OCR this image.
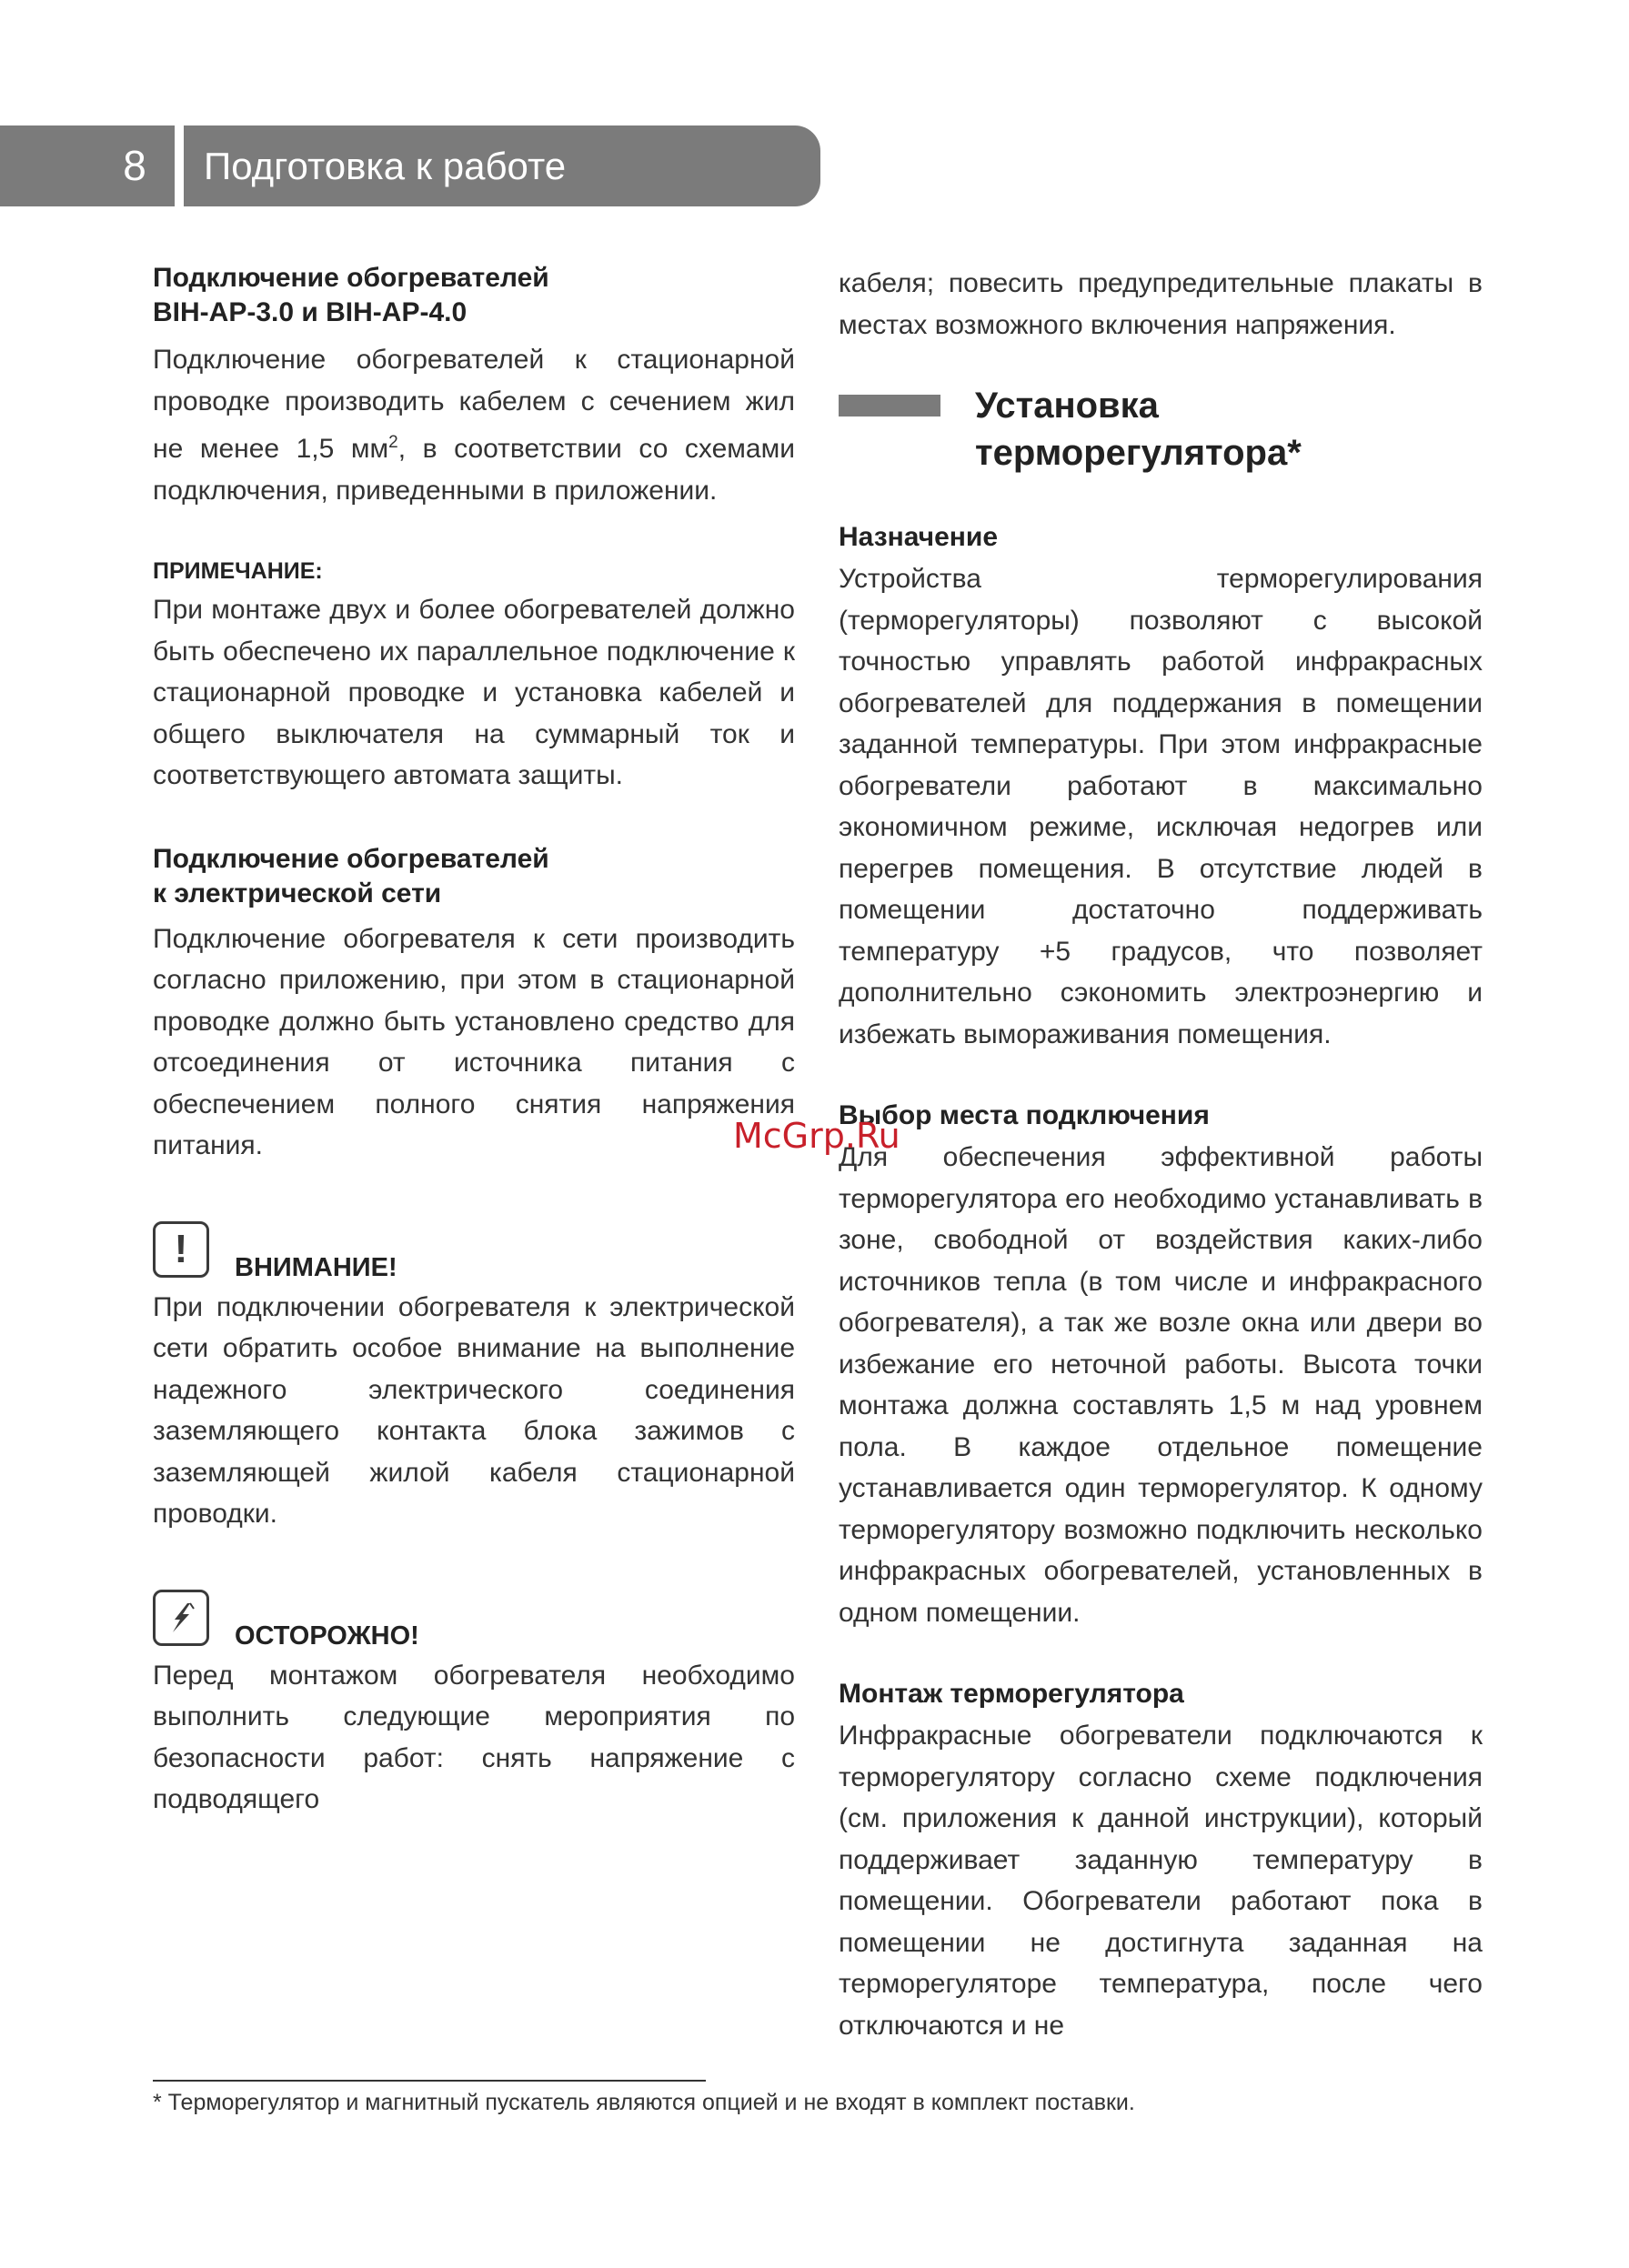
8	Подготовка к работе

Подключение обогревателей
BIH-AP-3.0 и BIH-AP-4.0

Подключение обогревателей к стационарной проводке производить кабелем с сечением жил не менее 1,5 $мм^2$, в соответствии со схемами подключения, приведенными в приложении.

ПРИМЕЧАНИЕ:

При монтаже двух и более обогревателей должно быть обеспечено их параллельное подключение к стационарной проводке и установка кабелей и общего выключателя на суммарный ток и соответствующего автомата защиты.

Подключение обогревателей
к электрической сети

Подключение обогревателя к сети производить согласно приложению, при этом в стационарной проводке должно быть установлено средство для отсоединения от источника питания с обеспечением полного снятия напряжения питания.

!	ВНИМАНИЕ!

При подключении обогревателя к электрической сети обратить особое внимание на выполнение надежного электрического соединения заземляющего контакта блока зажимов с заземляющей жилой кабеля стационарной проводки.

ОСТОРОЖНО!

Перед монтажом обогревателя необходимо выполнить следующие мероприятия по безопасности работ: снять напряжение с подводящего

кабеля; повесить предупредительные плакаты в местах возможного включения напряжения.

Установка
терморегулятора*

Назначение

Устройства терморегулирования (терморегуляторы) позволяют с высокой точностью управлять работой инфракрасных обогревателей для поддержания в помещении заданной температуры. При этом инфракрасные обогреватели работают в максимально экономичном режиме, исключая недогрев или перегрев помещения. В отсутствие людей в помещении достаточно поддерживать температуру +5 градусов, что позволяет дополнительно сэкономить электроэнергию и избежать вымораживания помещения.

Выбор места подключения

Для обеспечения эффективной работы терморегулятора его необходимо устанавливать в зоне, свободной от воздействия каких-либо источников тепла (в том числе и инфракрасного обогревателя), а так же возле окна или двери во избежание его неточной работы. Высота точки монтажа должна составлять 1,5 м над уровнем пола. В каждое отдельное помещение устанавливается один терморегулятор. К одному терморегулятору возможно подключить несколько инфракрасных обогревателей, установленных в одном помещении.

Монтаж терморегулятора

Инфракрасные обогреватели подключаются к терморегулятору согласно схеме подключения (см. приложения к данной инструкции), который поддерживает заданную температуру в помещении. Обогреватели работают пока в помещении не достигнута заданная на терморегуляторе температура, после чего отключаются и не

* Терморегулятор и магнитный пускатель являются опцией и не входят в комплект поставки.
McGrp.Ru
